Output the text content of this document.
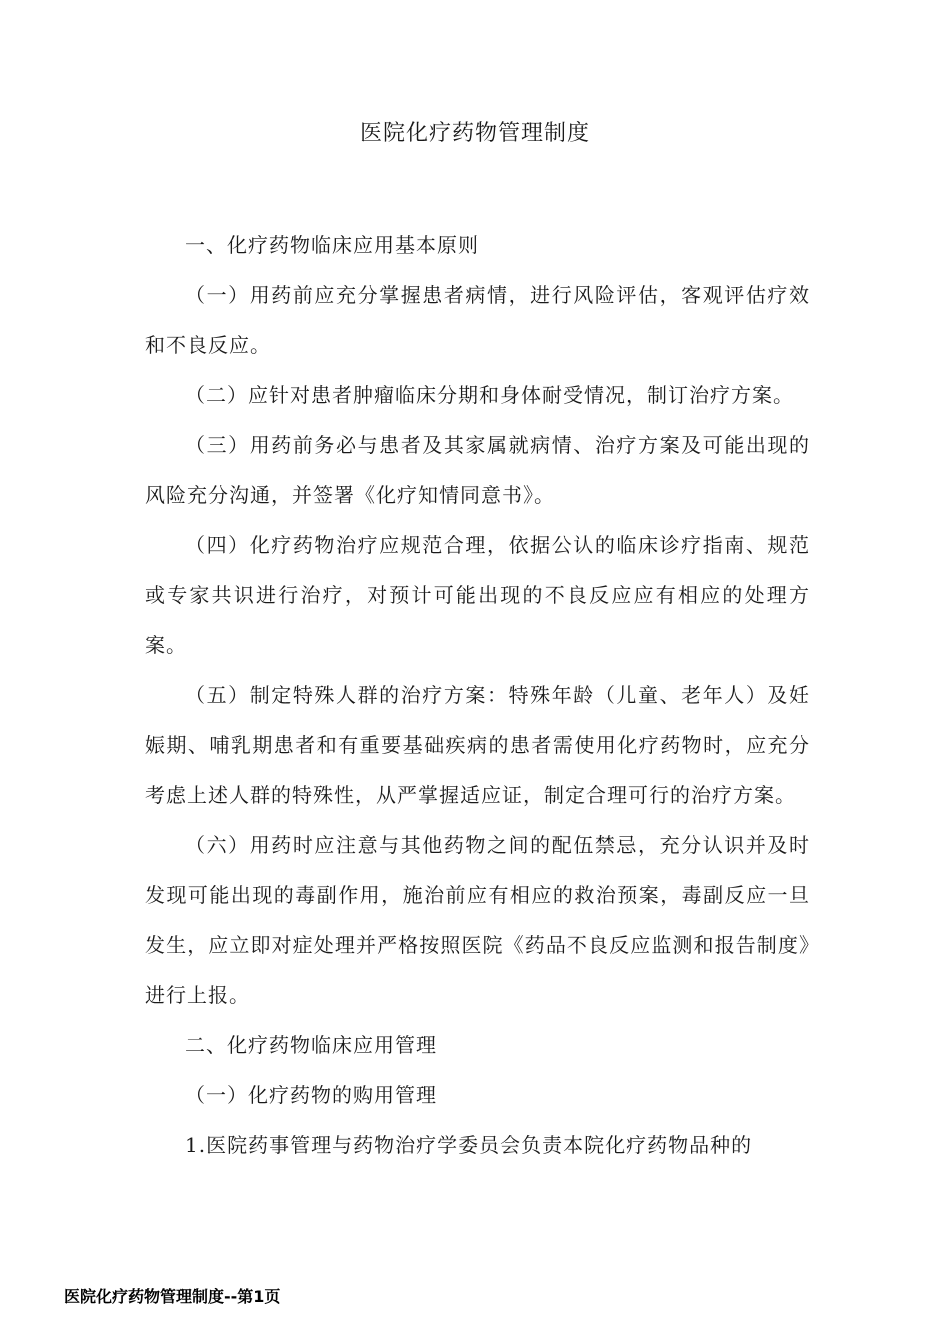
医院化疗药物管理制度

一、化疗药物临床应用基本原则

（一）用药前应充分掌握患者病情，进行风险评估，客观评估疗效和不良反应。

（二）应针对患者肿瘤临床分期和身体耐受情况，制订治疗方案。

（三）用药前务必与患者及其家属就病情、治疗方案及可能出现的风险充分沟通，并签署《化疗知情同意书》。

（四）化疗药物治疗应规范合理，依据公认的临床诊疗指南、规范或专家共识进行治疗，对预计可能出现的不良反应应有相应的处理方案。

（五）制定特殊人群的治疗方案：特殊年龄（儿童、老年人）及妊娠期、哺乳期患者和有重要基础疾病的患者需使用化疗药物时，应充分考虑上述人群的特殊性，从严掌握适应证，制定合理可行的治疗方案。

（六）用药时应注意与其他药物之间的配伍禁忌，充分认识并及时发现可能出现的毒副作用，施治前应有相应的救治预案，毒副反应一旦发生，应立即对症处理并严格按照医院《药品不良反应监测和报告制度》进行上报。

二、化疗药物临床应用管理

（一）化疗药物的购用管理

1.医院药事管理与药物治疗学委员会负责本院化疗药物品种的

医院化疗药物管理制度--第1页
